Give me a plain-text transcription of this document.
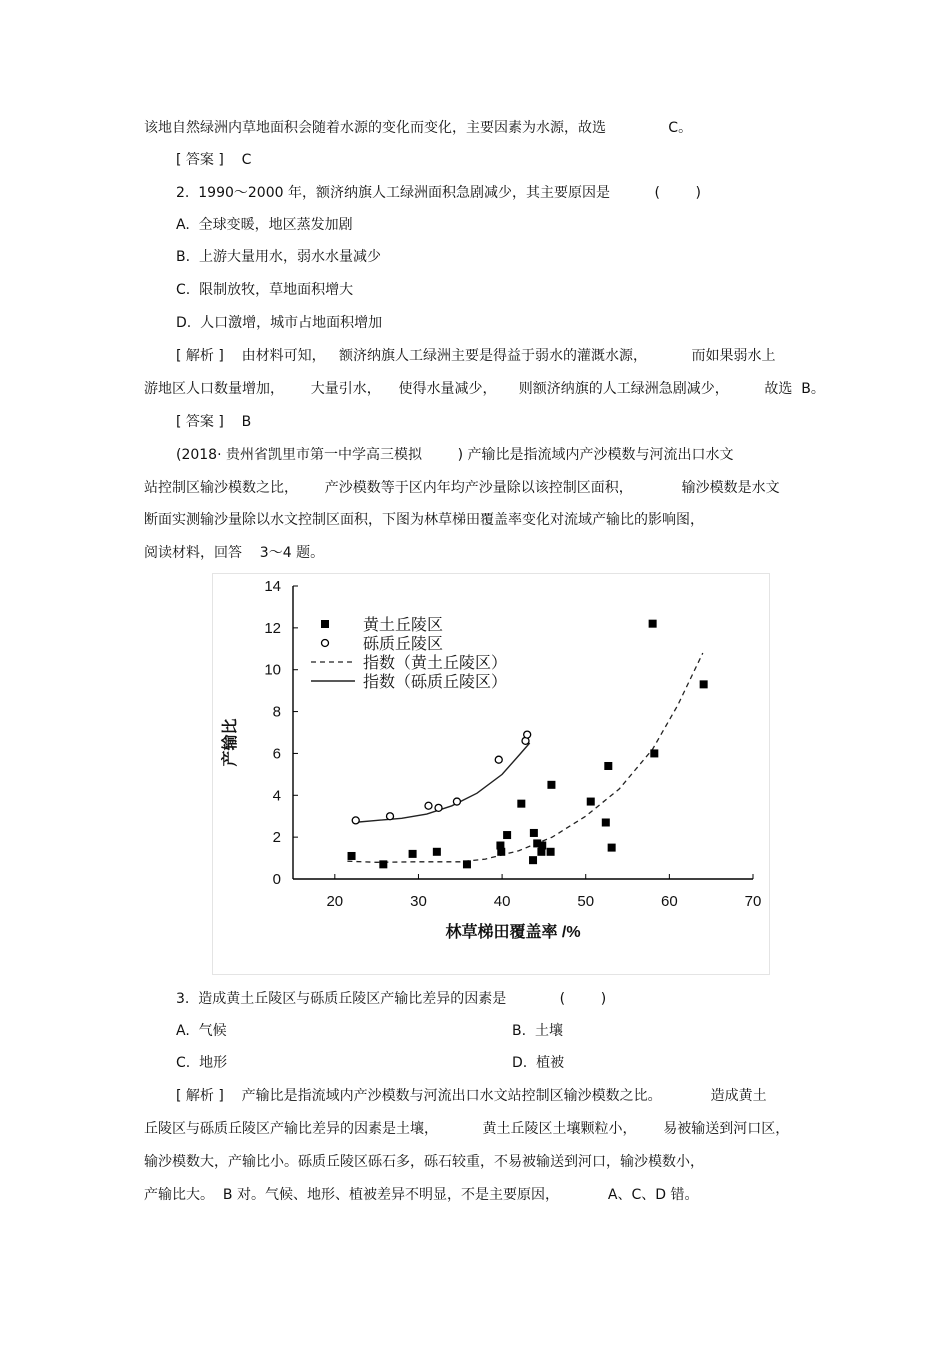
该地自然绿洲内草地面积会随着水源的变化而变化，主要因素为水源，故选              C。
[ 答案 ]    C
2.  1990～2000 年，额济纳旗人工绿洲面积急剧减少，其主要原因是          (        )
A.  全球变暖，地区蒸发加剧
B.  上游大量用水，弱水水量减少
C.  限制放牧，草地面积增大
D.  人口激增，城市占地面积增加
[ 解析 ]    由材料可知，   额济纳旗人工绿洲主要是得益于弱水的灌溉水源，          而如果弱水上
游地区人口数量增加，      大量引水，    使得水量减少，     则额济纳旗的人工绿洲急剧减少，        故选  B。
[ 答案 ]    B
(2018· 贵州省凯里市第一中学高三模拟        ) 产输比是指流域内产沙模数与河流出口水文
站控制区输沙模数之比，      产沙模数等于区内年均产沙量除以该控制区面积，           输沙模数是水文
断面实测输沙量除以水文控制区面积，下图为林草梯田覆盖率变化对流域产输比的影响图，
阅读材料，回答    3～4 题。
0
2
4
6
8
10
12
14
20	30	40	50	60	70
林草梯田覆盖率 /%
产输比
黄土丘陵区
砾质丘陵区
指数（黄土丘陵区）
指数（砾质丘陵区）
3.  造成黄土丘陵区与砾质丘陵区产输比差异的因素是            (        )
A.  气候	B.  土壤
C.  地形	D.  植被
[ 解析 ]    产输比是指流域内产沙模数与河流出口水文站控制区输沙模数之比。           造成黄土
丘陵区与砾质丘陵区产输比差异的因素是土壤，          黄土丘陵区土壤颗粒小，      易被输送到河口区，
输沙模数大，产输比小。砾质丘陵区砾石多，砾石较重，不易被输送到河口，输沙模数小，
产输比大。  B 对。气候、地形、植被差异不明显，不是主要原因，           A、C、D 错。
